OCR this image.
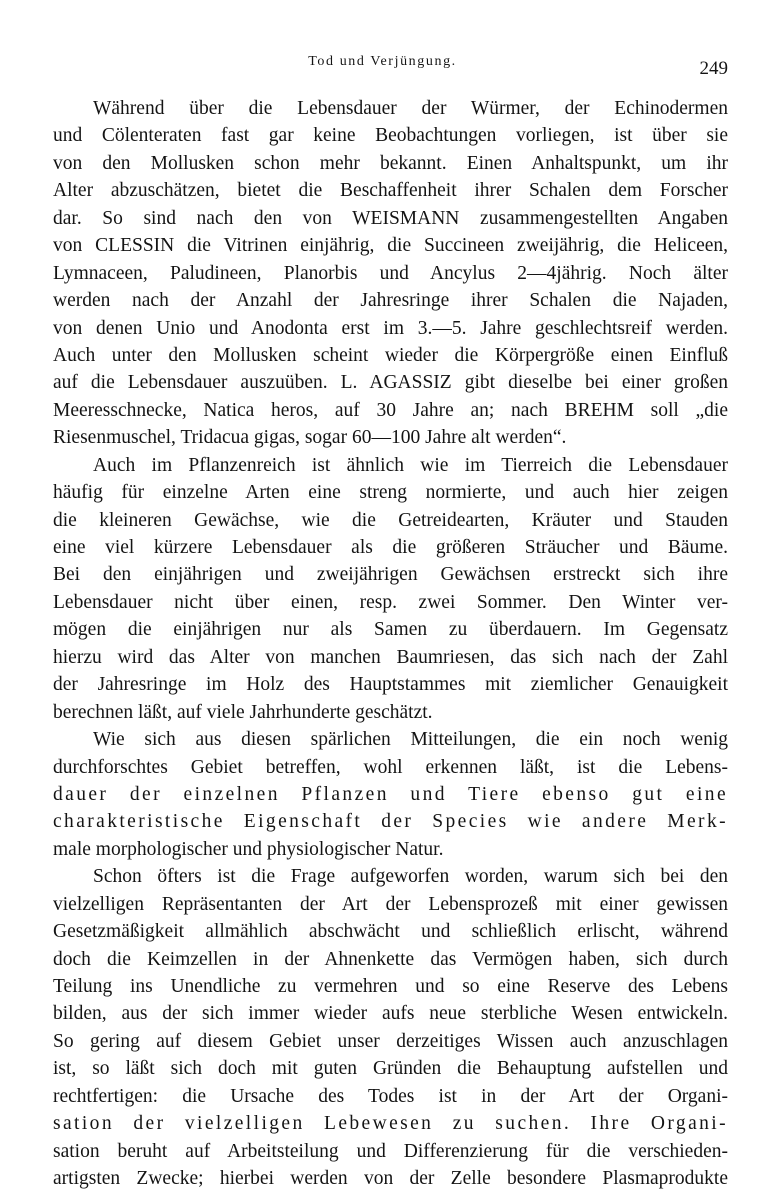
Tod und Verjüngung.	249
Während über die Lebensdauer der Würmer, der Echinodermen
und Cölenteraten fast gar keine Beobachtungen vorliegen, ist über sie
von den Mollusken schon mehr bekannt. Einen Anhaltspunkt, um ihr
Alter abzuschätzen, bietet die Beschaffenheit ihrer Schalen dem Forscher
dar. So sind nach den von WEISMANN zusammengestellten Angaben
von CLESSIN die Vitrinen einjährig, die Succineen zweijährig, die Heliceen,
Lymnaceen, Paludineen, Planorbis und Ancylus 2—4jährig. Noch älter
werden nach der Anzahl der Jahresringe ihrer Schalen die Najaden,
von denen Unio und Anodonta erst im 3.—5. Jahre geschlechtsreif werden.
Auch unter den Mollusken scheint wieder die Körpergröße einen Einfluß
auf die Lebensdauer auszuüben. L. AGASSIZ gibt dieselbe bei einer großen
Meeresschnecke, Natica heros, auf 30 Jahre an; nach BREHM soll „die
Riesenmuschel, Tridacua gigas, sogar 60—100 Jahre alt werden“.
Auch im Pflanzenreich ist ähnlich wie im Tierreich die Lebensdauer
häufig für einzelne Arten eine streng normierte, und auch hier zeigen
die kleineren Gewächse, wie die Getreidearten, Kräuter und Stauden
eine viel kürzere Lebensdauer als die größeren Sträucher und Bäume.
Bei den einjährigen und zweijährigen Gewächsen erstreckt sich ihre
Lebensdauer nicht über einen, resp. zwei Sommer. Den Winter ver-
mögen die einjährigen nur als Samen zu überdauern. Im Gegensatz
hierzu wird das Alter von manchen Baumriesen, das sich nach der Zahl
der Jahresringe im Holz des Hauptstammes mit ziemlicher Genauigkeit
berechnen läßt, auf viele Jahrhunderte geschätzt.
Wie sich aus diesen spärlichen Mitteilungen, die ein noch wenig
durchforschtes Gebiet betreffen, wohl erkennen läßt, ist die Lebens-
dauer der einzelnen Pflanzen und Tiere ebenso gut eine
charakteristische Eigenschaft der Species wie andere Merk-
male morphologischer und physiologischer Natur.
Schon öfters ist die Frage aufgeworfen worden, warum sich bei den
vielzelligen Repräsentanten der Art der Lebensprozeß mit einer gewissen
Gesetzmäßigkeit allmählich abschwächt und schließlich erlischt, während
doch die Keimzellen in der Ahnenkette das Vermögen haben, sich durch
Teilung ins Unendliche zu vermehren und so eine Reserve des Lebens
bilden, aus der sich immer wieder aufs neue sterbliche Wesen entwickeln.
So gering auf diesem Gebiet unser derzeitiges Wissen auch anzuschlagen
ist, so läßt sich doch mit guten Gründen die Behauptung aufstellen und
rechtfertigen: die Ursache des Todes ist in der Art der Organi-
sation der vielzelligen Lebewesen zu suchen. Ihre Organi-
sation beruht auf Arbeitsteilung und Differenzierung für die verschieden-
artigsten Zwecke; hierbei werden von der Zelle besondere Plasmaprodukte
